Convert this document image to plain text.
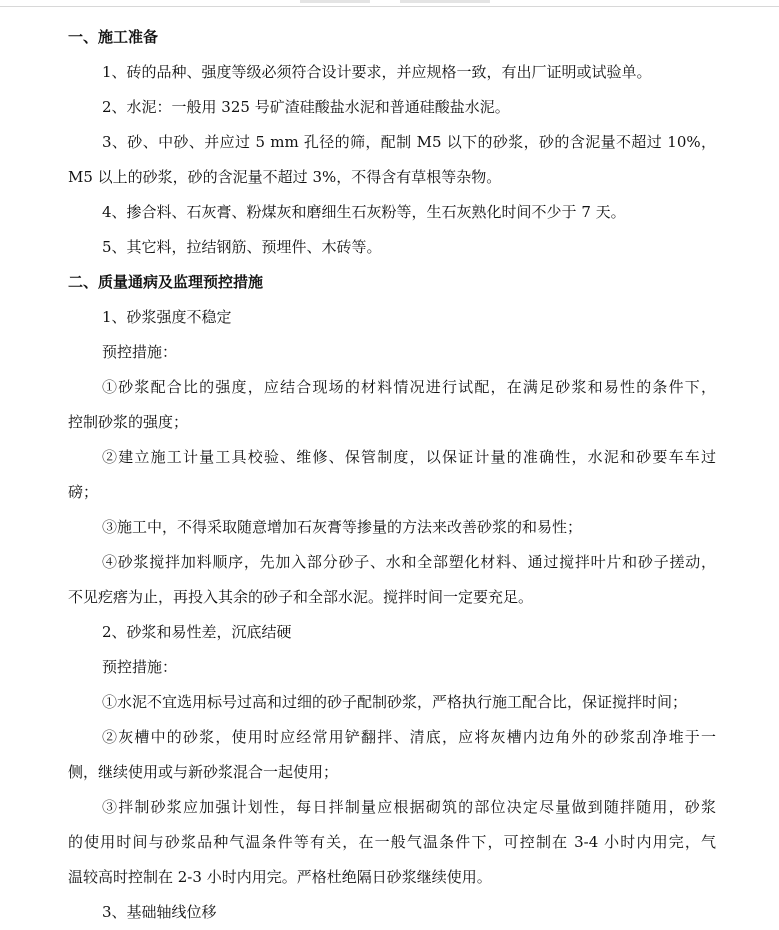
一、施工准备

1、砖的品种、强度等级必须符合设计要求，并应规格一致，有出厂证明或试验单。

2、水泥：一般用 325 号矿渣硅酸盐水泥和普通硅酸盐水泥。

3、砂、中砂、并应过 5 mm 孔径的筛，配制 M5 以下的砂浆，砂的含泥量不超过 10%，

M5 以上的砂浆，砂的含泥量不超过 3%，不得含有草根等杂物。

4、掺合料、石灰膏、粉煤灰和磨细生石灰粉等，生石灰熟化时间不少于 7 天。

5、其它料，拉结钢筋、预埋件、木砖等。

二、质量通病及监理预控措施

1、砂浆强度不稳定

预控措施：

①砂浆配合比的强度，应结合现场的材料情况进行试配，在满足砂浆和易性的条件下，

控制砂浆的强度；

②建立施工计量工具校验、维修、保管制度，以保证计量的准确性，水泥和砂要车车过

磅；

③施工中，不得采取随意增加石灰膏等掺量的方法来改善砂浆的和易性；

④砂浆搅拌加料顺序，先加入部分砂子、水和全部塑化材料、通过搅拌叶片和砂子搓动，

不见疙瘩为止，再投入其余的砂子和全部水泥。搅拌时间一定要充足。

2、砂浆和易性差，沉底结硬

预控措施：

①水泥不宜选用标号过高和过细的砂子配制砂浆，严格执行施工配合比，保证搅拌时间；

②灰槽中的砂浆，使用时应经常用铲翻拌、清底，应将灰槽内边角外的砂浆刮净堆于一

侧，继续使用或与新砂浆混合一起使用；

③拌制砂浆应加强计划性，每日拌制量应根据砌筑的部位决定尽量做到随拌随用，砂浆

的使用时间与砂浆品种气温条件等有关，在一般气温条件下，可控制在 3-4 小时内用完，气

温较高时控制在 2-3 小时内用完。严格杜绝隔日砂浆继续使用。

3、基础轴线位移
